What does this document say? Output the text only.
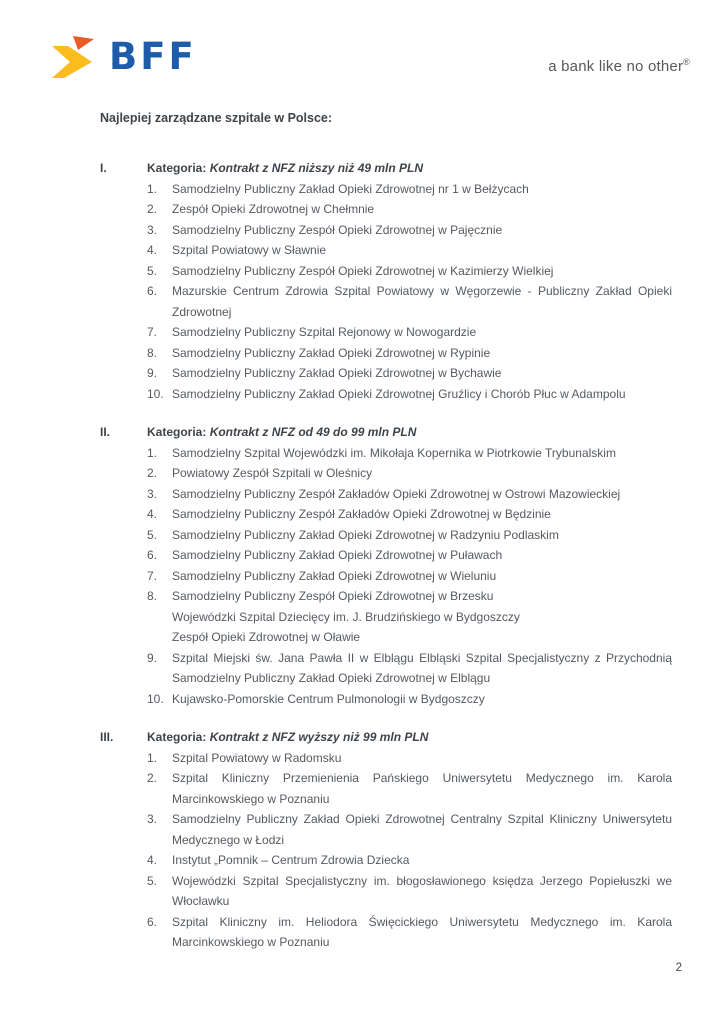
BFF	a bank like no other®
Najlepiej zarządzane szpitale w Polsce:
I.	Kategoria: Kontrakt z NFZ niższy niż 49 mln PLN
1.	Samodzielny Publiczny Zakład Opieki Zdrowotnej nr 1 w Bełżycach

2.	Zespół Opieki Zdrowotnej w Chełmnie

3.	Samodzielny Publiczny Zespół Opieki Zdrowotnej w Pajęcznie

4.	Szpital Powiatowy w Sławnie

5.	Samodzielny Publiczny Zespół Opieki Zdrowotnej w Kazimierzy Wielkiej

6.	Mazurskie Centrum Zdrowia Szpital Powiatowy w Węgorzewie - Publiczny Zakład Opieki Zdrowotnej

7.	Samodzielny Publiczny Szpital Rejonowy w Nowogardzie

8.	Samodzielny Publiczny Zakład Opieki Zdrowotnej w Rypinie

9.	Samodzielny Publiczny Zakład Opieki Zdrowotnej w Bychawie

10. Samodzielny Publiczny Zakład Opieki Zdrowotnej Gruźlicy i Chorób Płuc w Adampolu

II.	Kategoria: Kontrakt z NFZ od 49 do 99 mln PLN
1.	Samodzielny Szpital Wojewódzki im. Mikołaja Kopernika w Piotrkowie Trybunalskim

2.	Powiatowy Zespół Szpitali w Oleśnicy

3.	Samodzielny Publiczny Zespół Zakładów Opieki Zdrowotnej w Ostrowi Mazowieckiej

4.	Samodzielny Publiczny Zespół Zakładów Opieki Zdrowotnej w Będzinie

5.	Samodzielny Publiczny Zakład Opieki Zdrowotnej w Radzyniu Podlaskim

6.	Samodzielny Publiczny Zakład Opieki Zdrowotnej w Puławach

7.	Samodzielny Publiczny Zakład Opieki Zdrowotnej w Wieluniu

8.	Samodzielny Publiczny Zespół Opieki Zdrowotnej w Brzesku

Wojewódzki Szpital Dziecięcy im. J. Brudzińskiego w Bydgoszczy

Zespół Opieki Zdrowotnej w Oławie

9.	Szpital Miejski św. Jana Pawła II w Elblągu Elbląski Szpital Specjalistyczny z Przychodnią Samodzielny Publiczny Zakład Opieki Zdrowotnej w Elblągu

10. Kujawsko-Pomorskie Centrum Pulmonologii w Bydgoszczy

III.	Kategoria: Kontrakt z NFZ wyższy niż 99 mln PLN
1.	Szpital Powiatowy w Radomsku

2.	Szpital Kliniczny Przemienienia Pańskiego Uniwersytetu Medycznego im. Karola Marcinkowskiego w Poznaniu

3.	Samodzielny Publiczny Zakład Opieki Zdrowotnej Centralny Szpital Kliniczny Uniwersytetu Medycznego w Łodzi

4.	Instytut „Pomnik – Centrum Zdrowia Dziecka

5.	Wojewódzki Szpital Specjalistyczny im. błogosławionego księdza Jerzego Popiełuszki we Włocławku

6.	Szpital Kliniczny im. Heliodora Święcickiego Uniwersytetu Medycznego im. Karola Marcinkowskiego w Poznaniu

2
